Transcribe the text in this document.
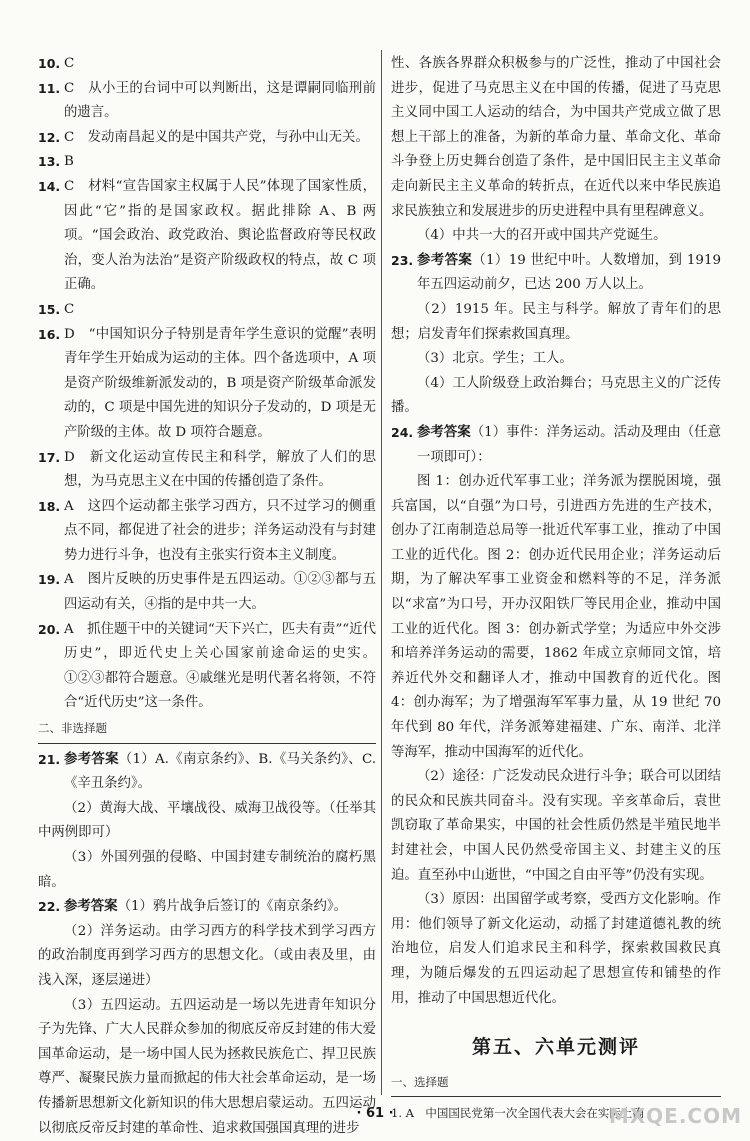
10. C
11. C　从小王的台词中可以判断出，这是谭嗣同临刑前的遗言。
12. C　发动南昌起义的是中国共产党，与孙中山无关。
13. B
14. C　材料“宣告国家主权属于人民”体现了国家性质，因此“它”指的是国家政权。据此排除 A、B 两项。“国会政治、政党政治、舆论监督政府等民权政治，变人治为法治”是资产阶级政权的特点，故 C 项正确。
15. C
16. D　“中国知识分子特别是青年学生意识的觉醒”表明青年学生开始成为运动的主体。四个备选项中，A 项是资产阶级维新派发动的，B 项是资产阶级革命派发动的，C 项是中国先进的知识分子发动的，D 项是无产阶级的主体。故 D 项符合题意。
17. D　新文化运动宣传民主和科学，解放了人们的思想，为马克思主义在中国的传播创造了条件。
18. A　这四个运动都主张学习西方，只不过学习的侧重点不同，都促进了社会的进步；洋务运动没有与封建势力进行斗争，也没有主张实行资本主义制度。
19. A　图片反映的历史事件是五四运动。①②③都与五四运动有关，④指的是中共一大。
20. A　抓住题干中的关键词“天下兴亡，匹夫有责”“近代历史”，即近代史上关心国家前途命运的史实。①②③都符合题意。④戚继光是明代著名将领，不符合“近代历史”这一条件。
二、非选择题
21. 参考答案（1）A.《南京条约》、B.《马关条约》、C.《辛丑条约》。
（2）黄海大战、平壤战役、威海卫战役等。（任举其中两例即可）
（3）外国列强的侵略、中国封建专制统治的腐朽黑暗。
22. 参考答案（1）鸦片战争后签订的《南京条约》。
（2）洋务运动。由学习西方的科学技术到学习西方的政治制度再到学习西方的思想文化。（或由表及里，由浅入深，逐层递进）
（3）五四运动。五四运动是一场以先进青年知识分子为先锋、广大人民群众参加的彻底反帝反封建的伟大爱国革命运动，是一场中国人民为拯救民族危亡、捍卫民族尊严、凝聚民族力量而掀起的伟大社会革命运动，是一场传播新思想新文化新知识的伟大思想启蒙运动。五四运动以彻底反帝反封建的革命性、追求救国强国真理的进步
性、各族各界群众积极参与的广泛性，推动了中国社会进步，促进了马克思主义在中国的传播，促进了马克思主义同中国工人运动的结合，为中国共产党成立做了思想上干部上的准备，为新的革命力量、革命文化、革命斗争登上历史舞台创造了条件，是中国旧民主主义革命走向新民主主义革命的转折点，在近代以来中华民族追求民族独立和发展进步的历史进程中具有里程碑意义。
（4）中共一大的召开或中国共产党诞生。
23. 参考答案（1）19 世纪中叶。人数增加，到 1919 年五四运动前夕，已达 200 万人以上。
（2）1915 年。民主与科学。解放了青年们的思想；启发青年们探索救国真理。
（3）北京。学生；工人。
（4）工人阶级登上政治舞台；马克思主义的广泛传播。
24. 参考答案（1）事件：洋务运动。活动及理由（任意一项即可）：
图 1：创办近代军事工业；洋务派为摆脱困境，强兵富国，以“自强”为口号，引进西方先进的生产技术，创办了江南制造总局等一批近代军事工业，推动了中国工业的近代化。图 2：创办近代民用企业；洋务运动后期，为了解决军事工业资金和燃料等的不足，洋务派以“求富”为口号，开办汉阳铁厂等民用企业，推动中国工业的近代化。图 3：创办新式学堂；为适应中外交涉和培养洋务运动的需要，1862 年成立京师同文馆，培养近代外交和翻译人才，推动中国教育的近代化。图 4：创办海军；为了增强海军军事力量，从 19 世纪 70 年代到 80 年代，洋务派筹建福建、广东、南洋、北洋等海军，推动中国海军的近代化。
（2）途径：广泛发动民众进行斗争；联合可以团结的民众和民族共同奋斗。没有实现。辛亥革命后，袁世凯窃取了革命果实，中国的社会性质仍然是半殖民地半封建社会，中国人民仍然受帝国主义、封建主义的压迫。直至孙中山逝世，“中国之自由平等”仍没有实现。
（3）原因：出国留学或考察，受西方文化影响。作用：他们领导了新文化运动，动摇了封建道德礼教的统治地位，启发人们追求民主和科学，探索救国救民真理，为随后爆发的五四运动起了思想宣传和铺垫的作用，推动了中国思想近代化。
第五、六单元测评
一、选择题
1. A　中国国民党第一次全国代表大会在实际上确
· 61 ·	MXQE.COM
